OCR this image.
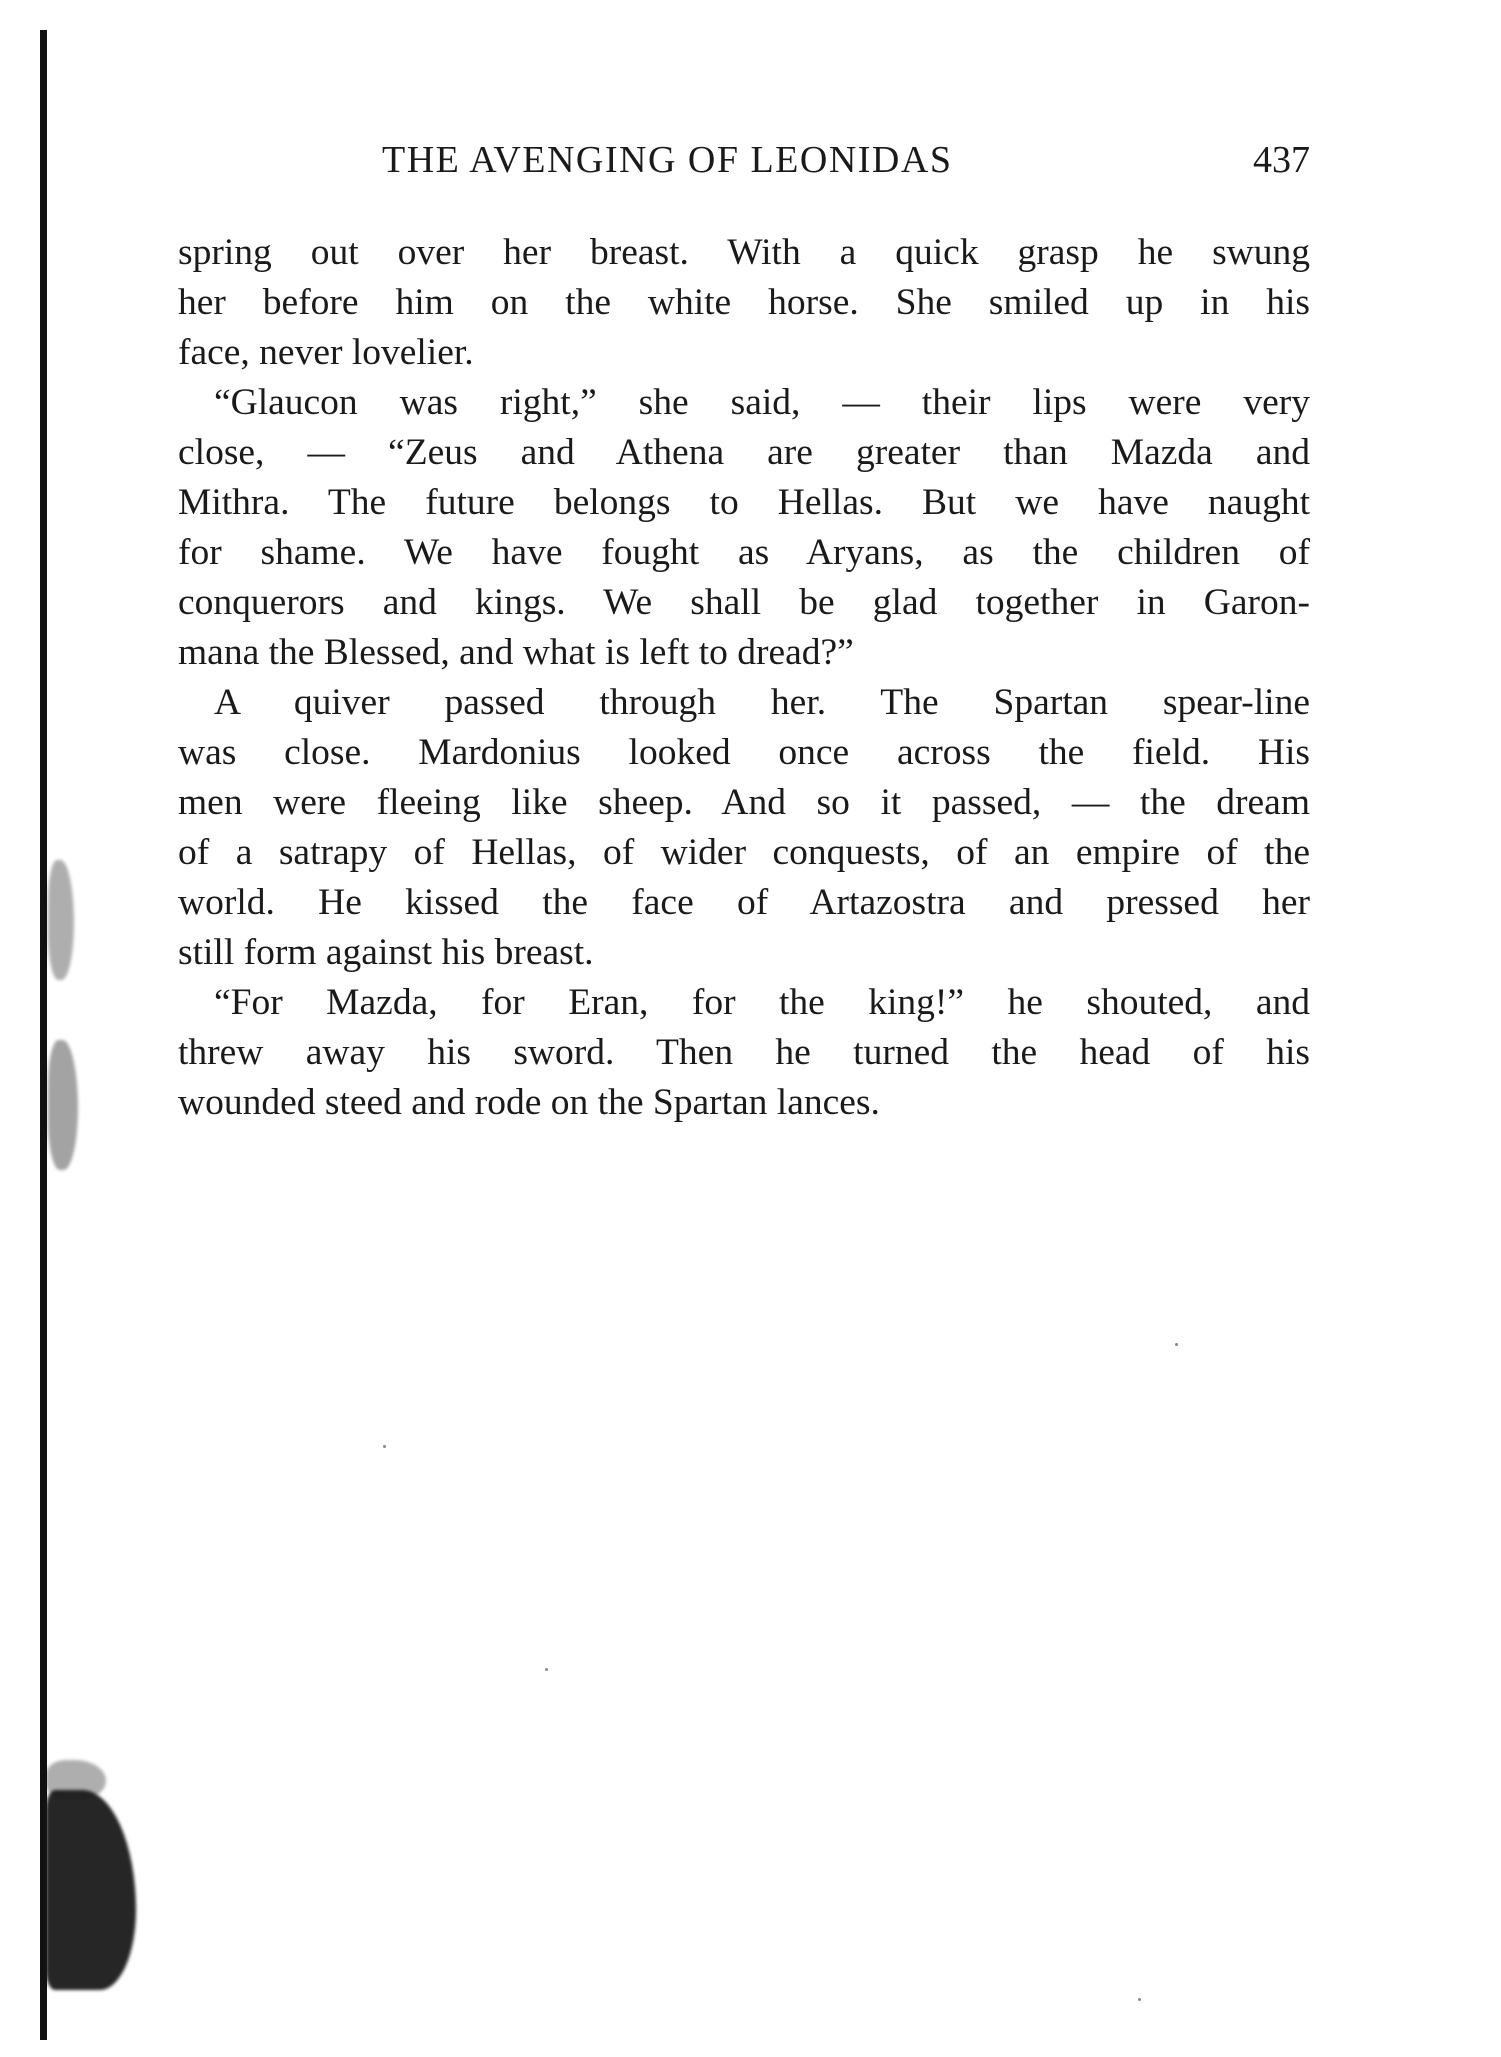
THE AVENGING OF LEONIDAS	437
spring out over her breast. With a quick grasp he swung
her before him on the white horse. She smiled up in his
face, never lovelier.
“Glaucon was right,” she said, — their lips were very
close, — “Zeus and Athena are greater than Mazda and
Mithra. The future belongs to Hellas. But we have naught
for shame. We have fought as Aryans, as the children of
conquerors and kings. We shall be glad together in Garon-
mana the Blessed, and what is left to dread?”
A quiver passed through her. The Spartan spear-line
was close. Mardonius looked once across the field. His
men were fleeing like sheep. And so it passed, — the dream
of a satrapy of Hellas, of wider conquests, of an empire of the
world. He kissed the face of Artazostra and pressed her
still form against his breast.
“For Mazda, for Eran, for the king!” he shouted, and
threw away his sword. Then he turned the head of his
wounded steed and rode on the Spartan lances.
